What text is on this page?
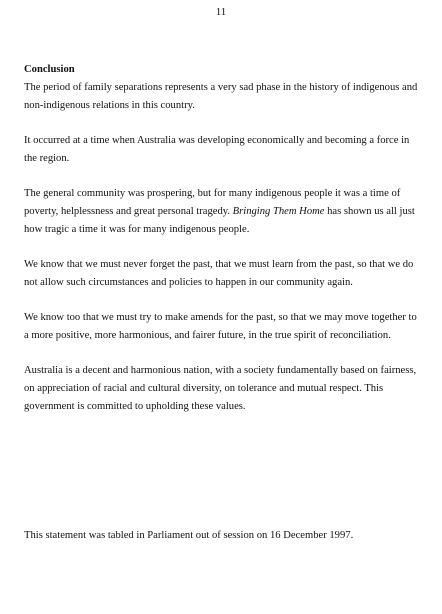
11

Conclusion

The period of family separations represents a very sad phase in the history of indigenous and non-indigenous relations in this country.

It occurred at a time when Australia was developing economically and becoming a force in the region.

The general community was prospering, but for many indigenous people it was a time of poverty, helplessness and great personal tragedy. Bringing Them Home has shown us all just how tragic a time it was for many indigenous people.

We know that we must never forget the past, that we must learn from the past, so that we do not allow such circumstances and policies to happen in our community again.

We know too that we must try to make amends for the past, so that we may move together to a more positive, more harmonious, and fairer future, in the true spirit of reconciliation.

Australia is a decent and harmonious nation, with a society fundamentally based on fairness, on appreciation of racial and cultural diversity, on tolerance and mutual respect. This government is committed to upholding these values.

This statement was tabled in Parliament out of session on 16 December 1997.
